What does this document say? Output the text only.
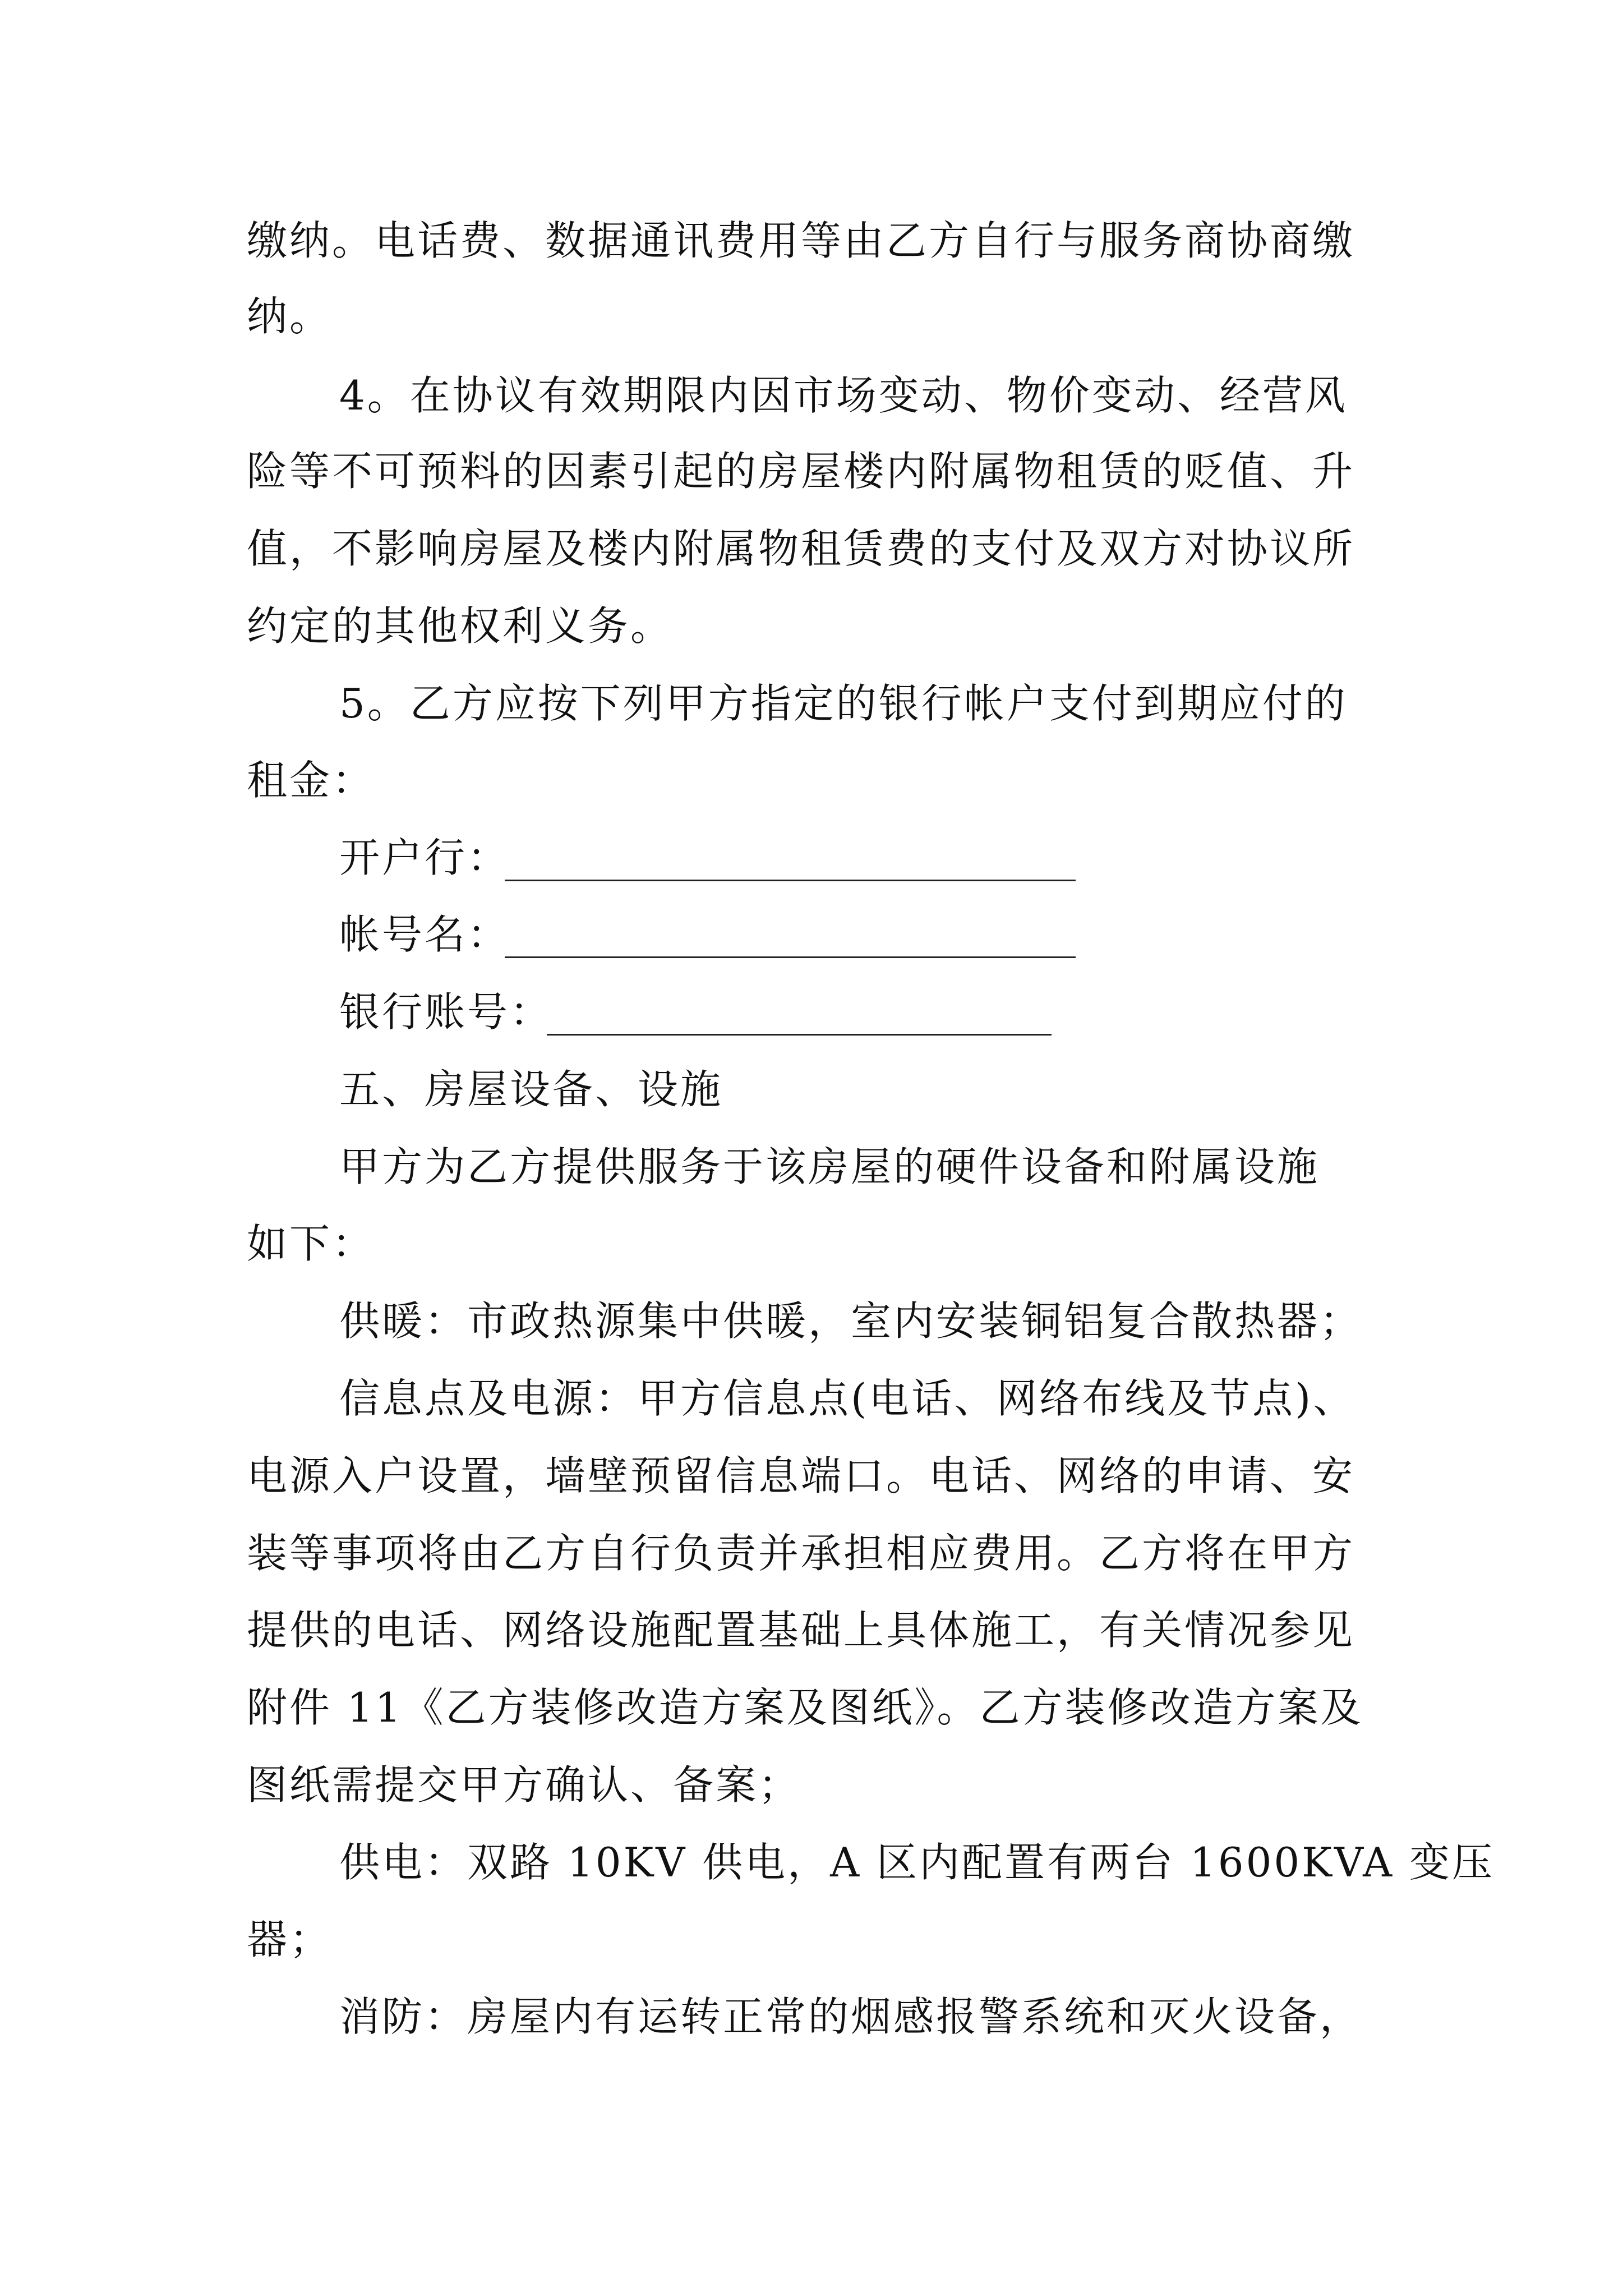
缴纳。电话费、数据通讯费用等由乙方自行与服务商协商缴
纳。
4。在协议有效期限内因市场变动、物价变动、经营风
险等不可预料的因素引起的房屋楼内附属物租赁的贬值、升
值，不影响房屋及楼内附属物租赁费的支付及双方对协议所
约定的其他权利义务。
5。乙方应按下列甲方指定的银行帐户支付到期应付的
租金：
开户行：
帐号名：
银行账号：
五、房屋设备、设施
甲方为乙方提供服务于该房屋的硬件设备和附属设施
如下：
供暖：市政热源集中供暖，室内安装铜铝复合散热器；
信息点及电源：甲方信息点(电话、网络布线及节点)、
电源入户设置，墙壁预留信息端口。电话、网络的申请、安
装等事项将由乙方自行负责并承担相应费用。乙方将在甲方
提供的电话、网络设施配置基础上具体施工，有关情况参见
附件 11《乙方装修改造方案及图纸》。乙方装修改造方案及
图纸需提交甲方确认、备案；
供电：双路 10KV 供电，A 区内配置有两台 1600KVA 变压
器；
消防：房屋内有运转正常的烟感报警系统和灭火设备，
